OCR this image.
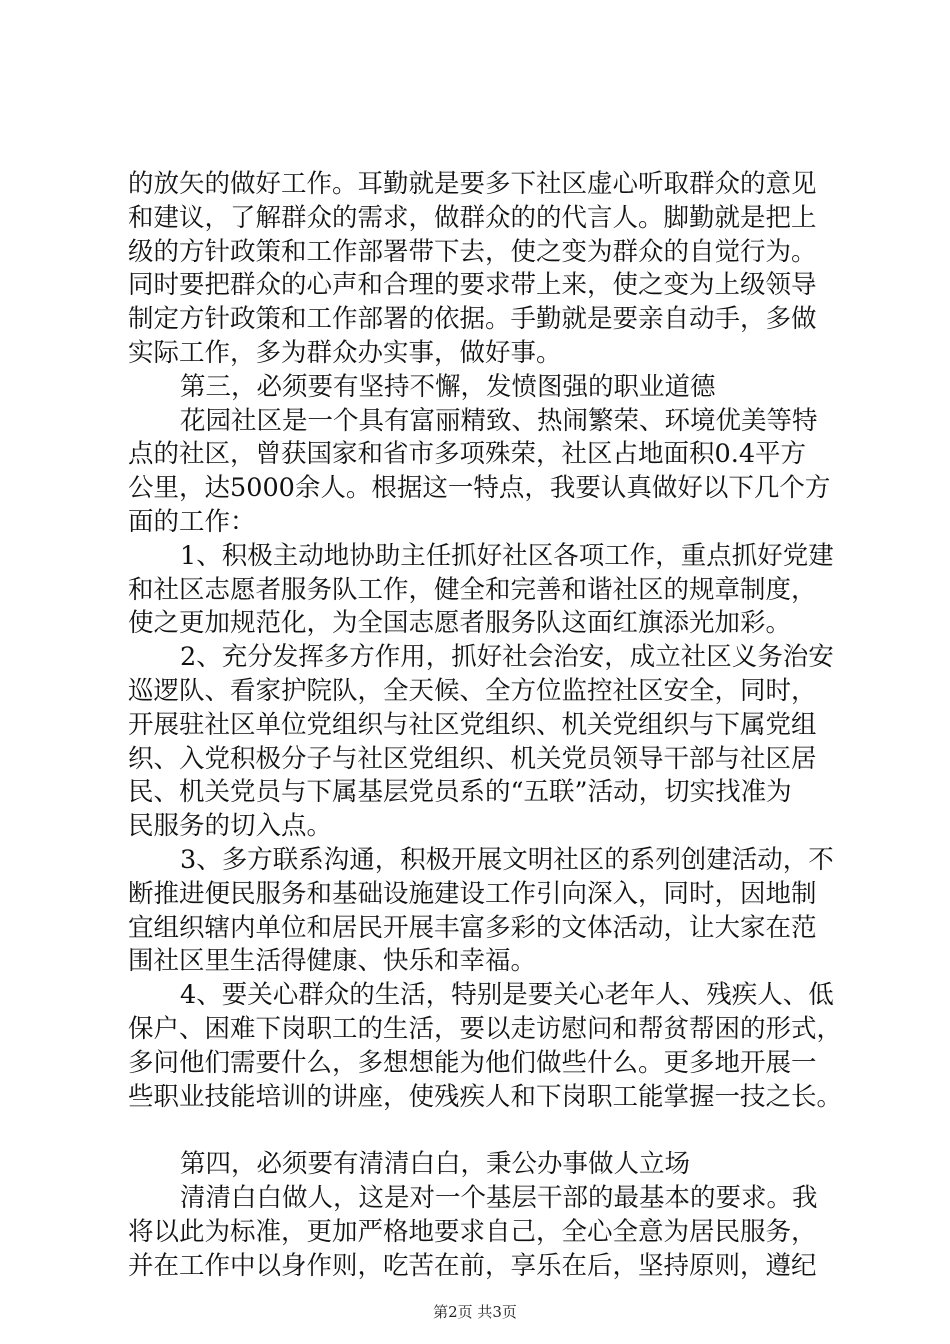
的放矢的做好工作。耳勤就是要多下社区虚心听取群众的意见
和建议，了解群众的需求，做群众的的代言人。脚勤就是把上
级的方针政策和工作部署带下去，使之变为群众的自觉行为。
同时要把群众的心声和合理的要求带上来，使之变为上级领导
制定方针政策和工作部署的依据。手勤就是要亲自动手，多做
实际工作，多为群众办实事，做好事。
第三，必须要有坚持不懈，发愤图强的职业道德
花园社区是一个具有富丽精致、热闹繁荣、环境优美等特
点的社区，曾获国家和省市多项殊荣，社区占地面积0.4平方
公里，达5000余人。根据这一特点，我要认真做好以下几个方
面的工作：
1、积极主动地协助主任抓好社区各项工作，重点抓好党建
和社区志愿者服务队工作，健全和完善和谐社区的规章制度，
使之更加规范化，为全国志愿者服务队这面红旗添光加彩。
2、充分发挥多方作用，抓好社会治安，成立社区义务治安
巡逻队、看家护院队，全天候、全方位监控社区安全，同时，
开展驻社区单位党组织与社区党组织、机关党组织与下属党组
织、入党积极分子与社区党组织、机关党员领导干部与社区居
民、机关党员与下属基层党员系的“五联”活动，切实找准为
民服务的切入点。
3、多方联系沟通，积极开展文明社区的系列创建活动，不
断推进便民服务和基础设施建设工作引向深入，同时，因地制
宜组织辖内单位和居民开展丰富多彩的文体活动，让大家在范
围社区里生活得健康、快乐和幸福。
4、要关心群众的生活，特别是要关心老年人、残疾人、低
保户、困难下岗职工的生活，要以走访慰问和帮贫帮困的形式，
多问他们需要什么，多想想能为他们做些什么。更多地开展一
些职业技能培训的讲座，使残疾人和下岗职工能掌握一技之长。
第四，必须要有清清白白，秉公办事做人立场
清清白白做人，这是对一个基层干部的最基本的要求。我
将以此为标准，更加严格地要求自己，全心全意为居民服务，
并在工作中以身作则，吃苦在前，享乐在后，坚持原则，遵纪
第2页 共3页
